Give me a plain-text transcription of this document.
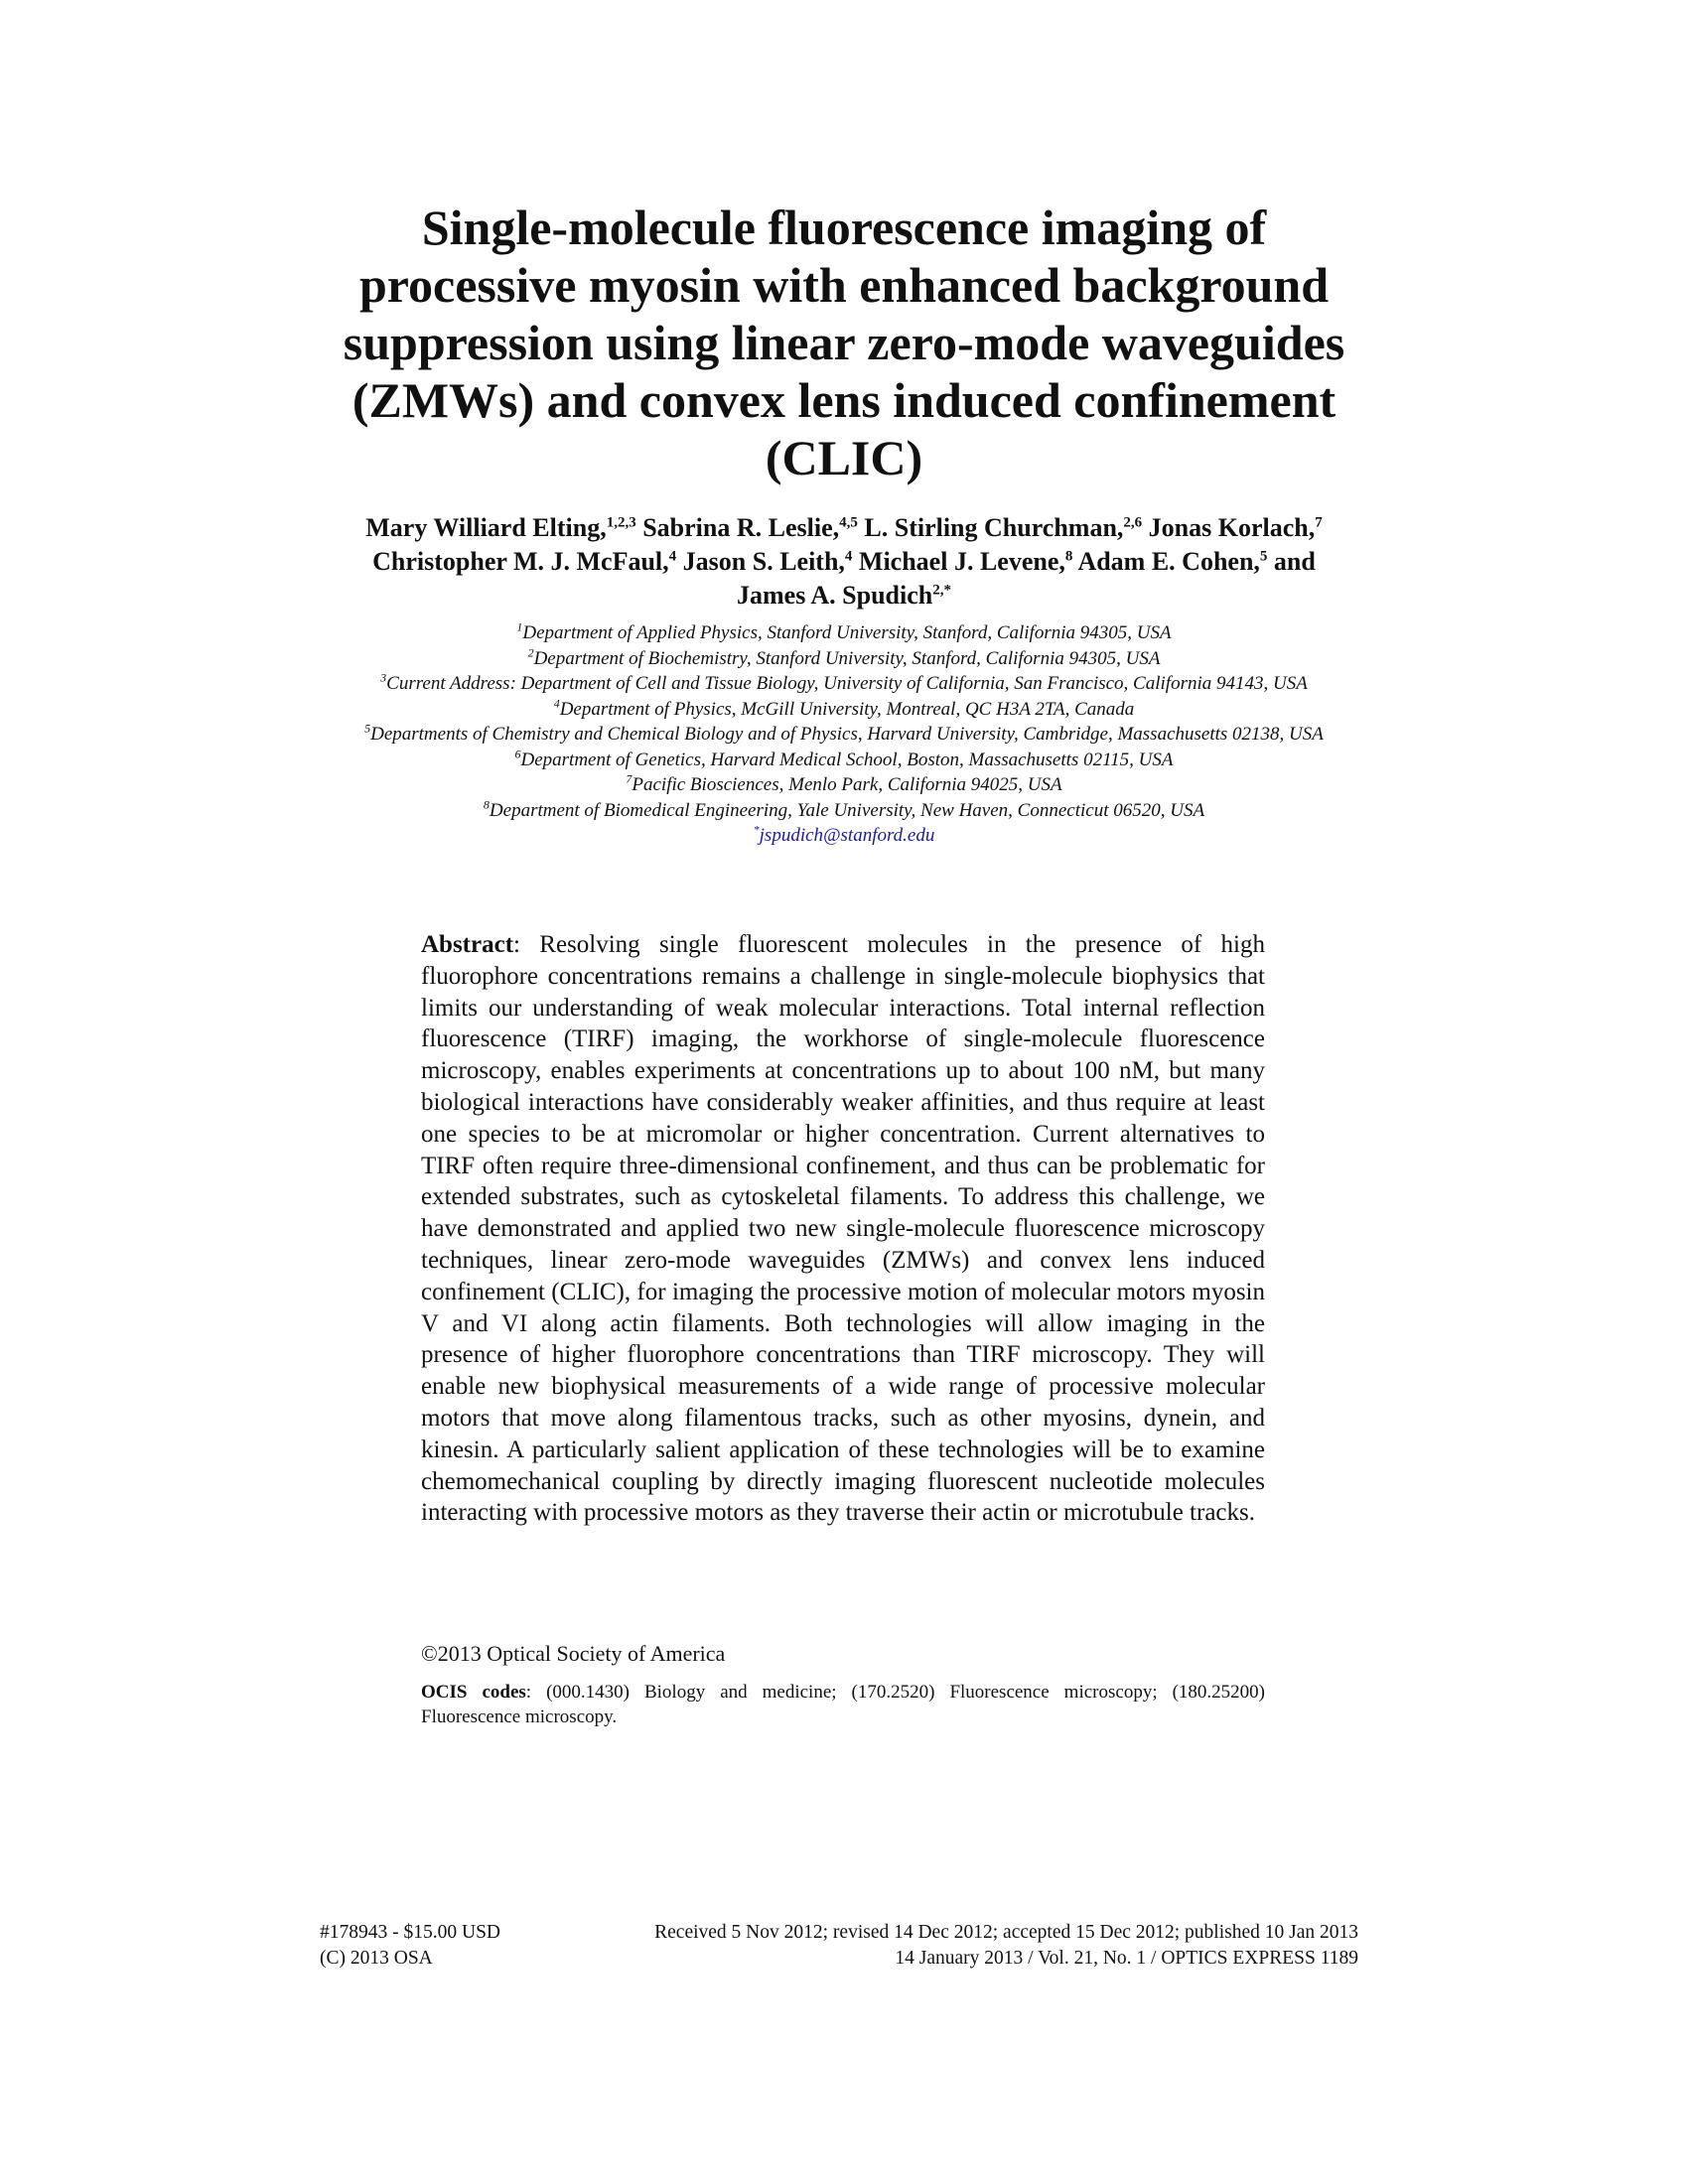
Single-molecule fluorescence imaging of
processive myosin with enhanced background
suppression using linear zero-mode waveguides
(ZMWs) and convex lens induced confinement
(CLIC)
Mary Williard Elting,$^{1,2,3}$ Sabrina R. Leslie,$^{4,5}$ L. Stirling Churchman,$^{2,6}$ Jonas Korlach,$^7$
Christopher M. J. McFaul,$^4$ Jason S. Leith,$^4$ Michael J. Levene,$^8$ Adam E. Cohen,$^5$ and
James A. Spudich$^{2,*}$
$^1$Department of Applied Physics, Stanford University, Stanford, California 94305, USA
$^2$Department of Biochemistry, Stanford University, Stanford, California 94305, USA
$^3$Current Address: Department of Cell and Tissue Biology, University of California, San Francisco, California 94143, USA
$^4$Department of Physics, McGill University, Montreal, QC H3A 2TA, Canada
$^5$Departments of Chemistry and Chemical Biology and of Physics, Harvard University, Cambridge, Massachusetts 02138, USA
$^6$Department of Genetics, Harvard Medical School, Boston, Massachusetts 02115, USA
$^7$Pacific Biosciences, Menlo Park, California 94025, USA
$^8$Department of Biomedical Engineering, Yale University, New Haven, Connecticut 06520, USA
*jspudich@stanford.edu

Abstract: Resolving single fluorescent molecules in the presence of high fluorophore concentrations remains a challenge in single-molecule biophysics that limits our understanding of weak molecular interactions. Total internal reflection fluorescence (TIRF) imaging, the workhorse of single-molecule fluorescence microscopy, enables experiments at concentrations up to about 100 nM, but many biological interactions have considerably weaker affinities, and thus require at least one species to be at micromolar or higher concentration. Current alternatives to TIRF often require three-dimensional confinement, and thus can be problematic for extended substrates, such as cytoskeletal filaments. To address this challenge, we have demonstrated and applied two new single-molecule fluorescence microscopy techniques, linear zero-mode waveguides (ZMWs) and convex lens induced confinement (CLIC), for imaging the processive motion of molecular motors myosin V and VI along actin filaments. Both technologies will allow imaging in the presence of higher fluorophore concentrations than TIRF microscopy. They will enable new biophysical measurements of a wide range of processive molecular motors that move along filamentous tracks, such as other myosins, dynein, and kinesin. A particularly salient application of these technologies will be to examine chemomechanical coupling by directly imaging fluorescent nucleotide molecules interacting with processive motors as they traverse their actin or microtubule tracks.

©2013 Optical Society of America

OCIS codes: (000.1430) Biology and medicine; (170.2520) Fluorescence microscopy; (180.25200) Fluorescence microscopy.

#178943 - $15.00 USD	Received 5 Nov 2012; revised 14 Dec 2012; accepted 15 Dec 2012; published 10 Jan 2013
(C) 2013 OSA	14 January 2013 / Vol. 21, No. 1 / OPTICS EXPRESS 1189
